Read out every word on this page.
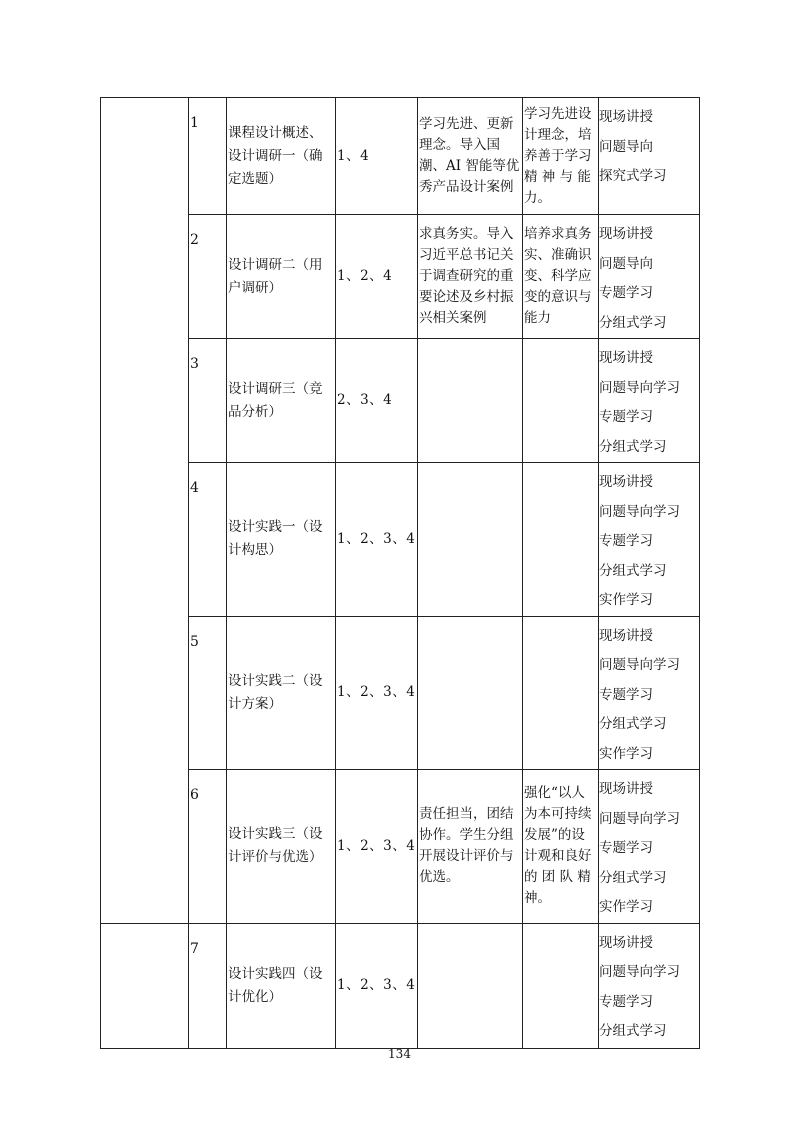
	1	课程设计概述、设计调研一（确定选题）	1、4	学习先进、更新理念。导入国潮、AI 智能等优秀产品设计案例	学习先进设计理念，培养善于学习精 神 与 能力。	现场讲授
问题导向
探究式学习

	2	设计调研二（用户调研）	1、2、4	求真务实。导入习近平总书记关于调查研究的重要论述及乡村振兴相关案例	培养求真务实、准确识变、科学应变的意识与能力	现场讲授
问题导向
专题学习
分组式学习

	3	设计调研三（竞品分析）	2、3、4			现场讲授
问题导向学习
专题学习
分组式学习

	4	设计实践一（设计构思）	1、2、3、4			现场讲授
问题导向学习
专题学习
分组式学习
实作学习

	5	设计实践二（设计方案）	1、2、3、4			现场讲授
问题导向学习
专题学习
分组式学习
实作学习

	6	设计实践三（设计评价与优选）	1、2、3、4	责任担当，团结协作。学生分组开展设计评价与优选。	强化“以人为本可持续发展”的设计观和良好的 团 队 精神。	现场讲授
问题导向学习
专题学习
分组式学习
实作学习

	7	设计实践四（设计优化）	1、2、3、4			现场讲授
问题导向学习
专题学习
分组式学习
134
